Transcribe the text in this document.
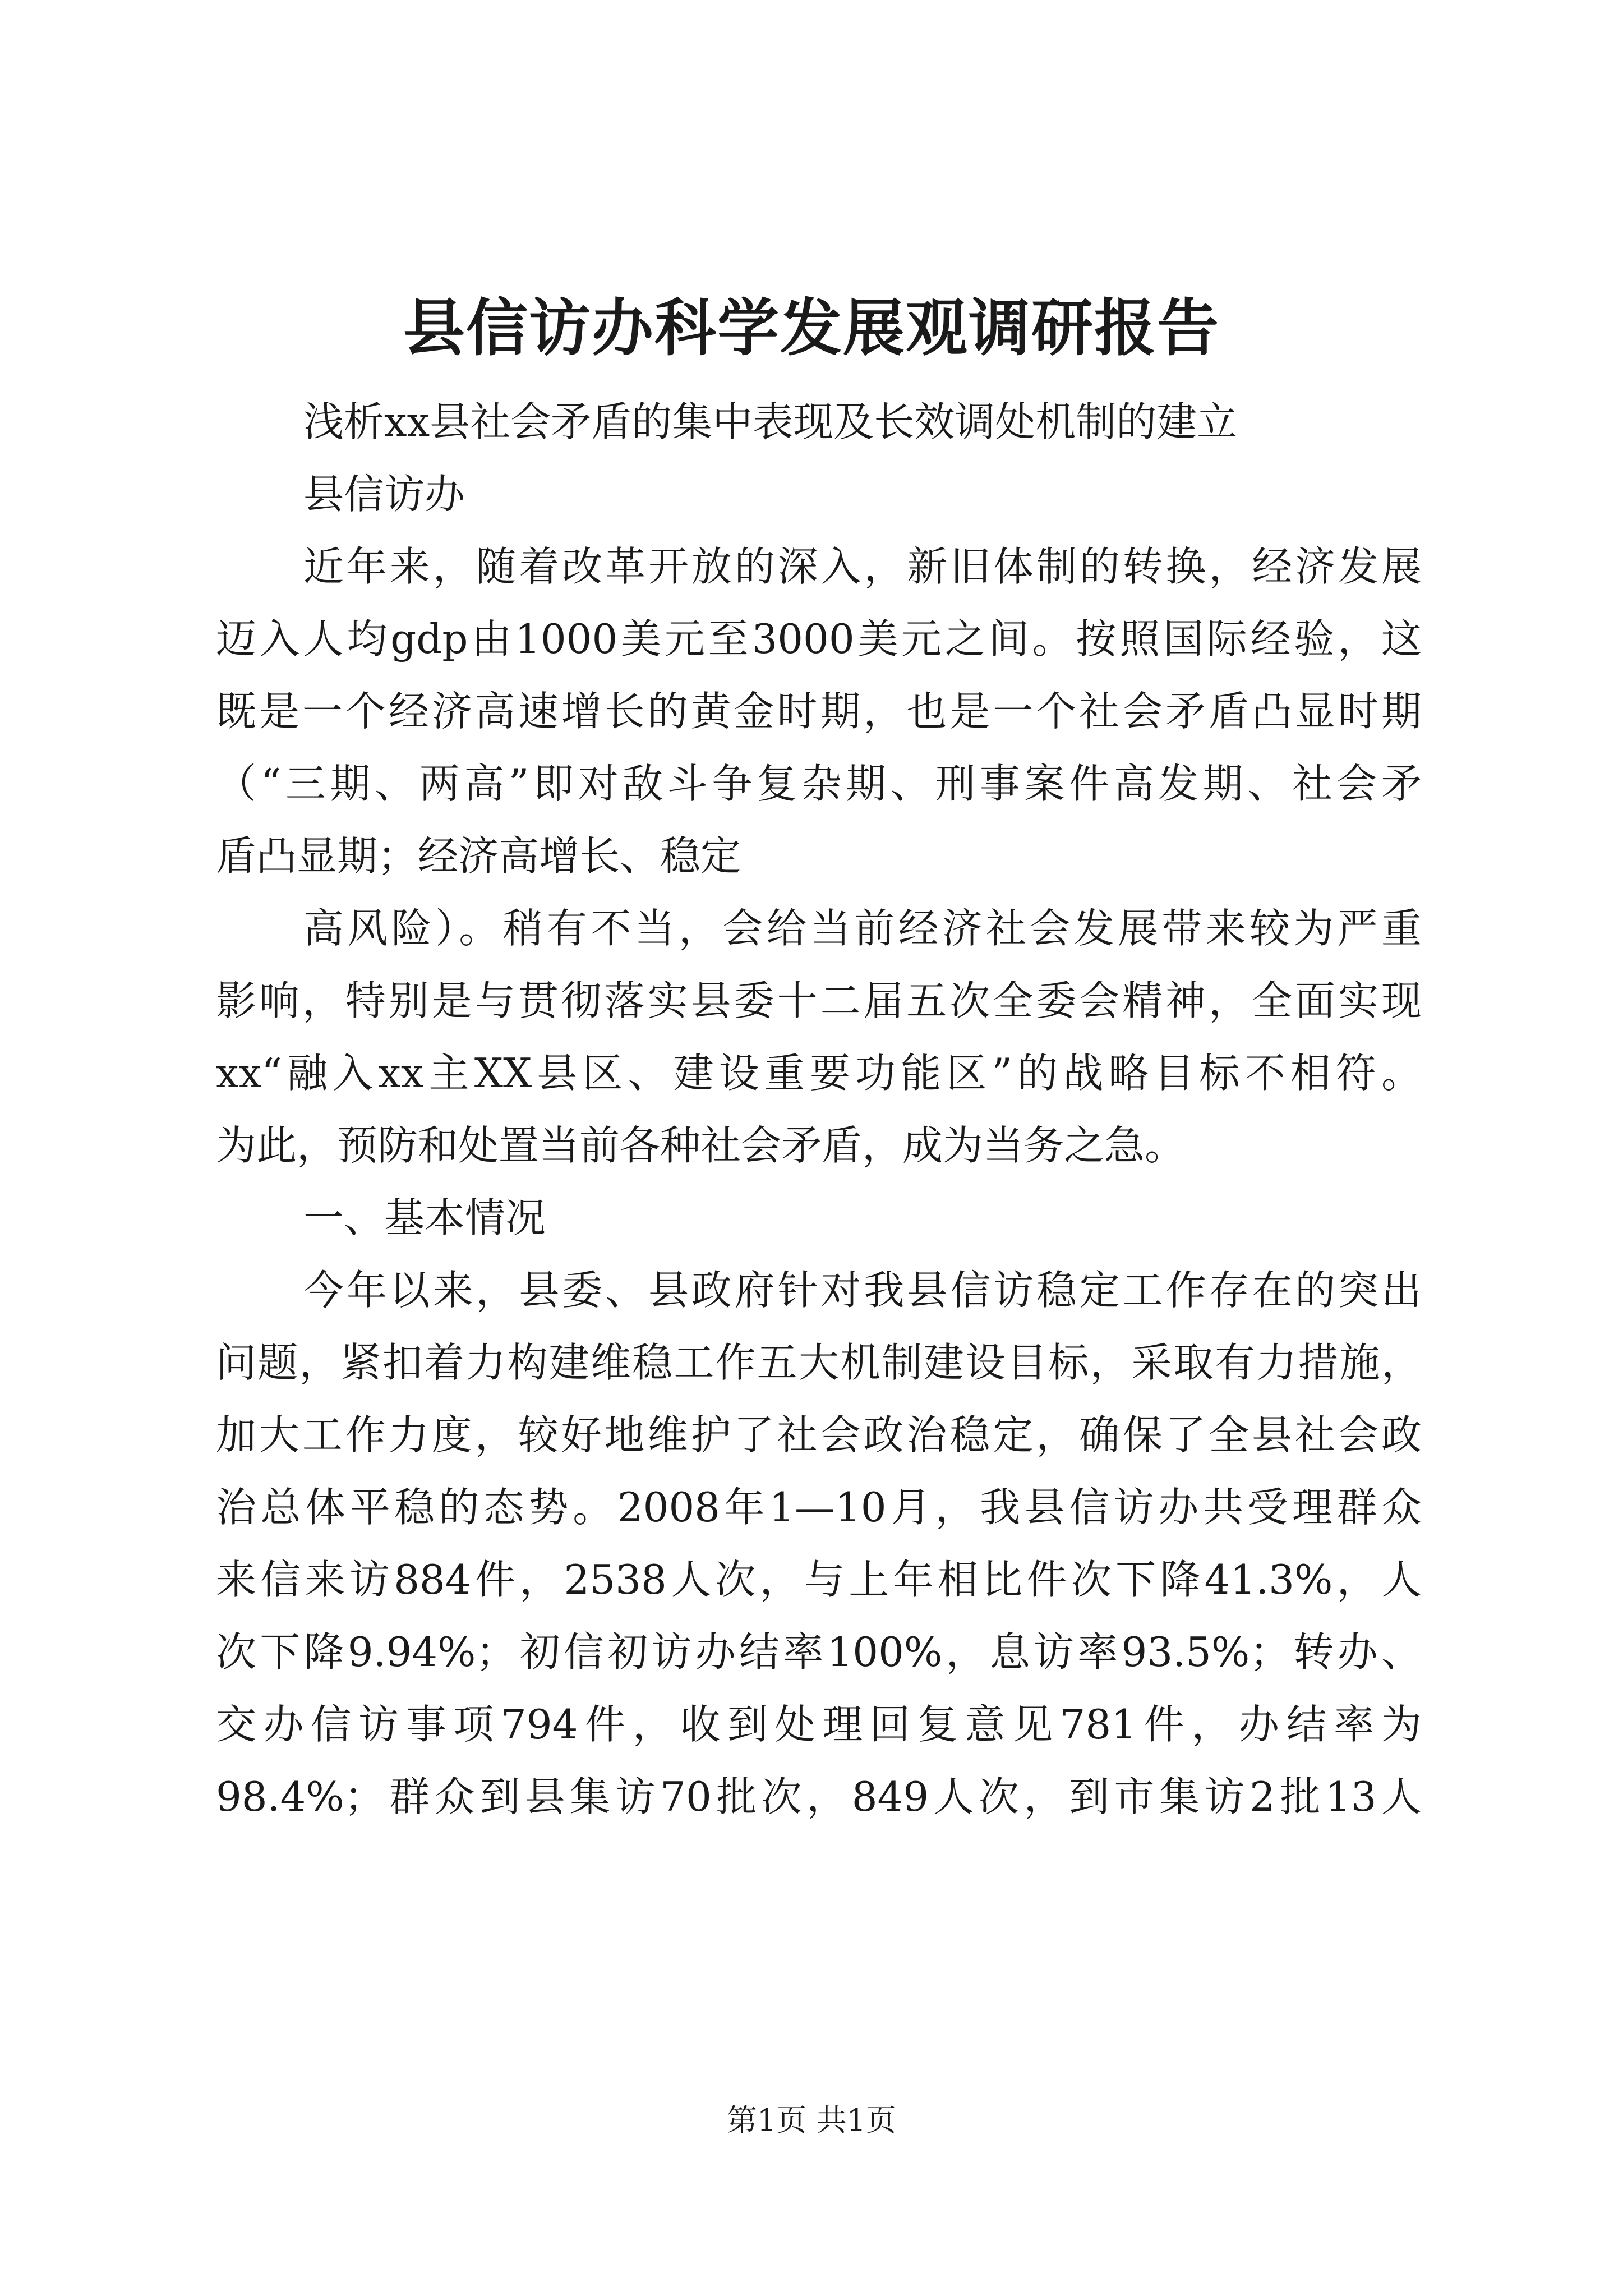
县信访办科学发展观调研报告
浅析xx县社会矛盾的集中表现及长效调处机制的建立
县信访办
近年来，随着改革开放的深入，新旧体制的转换，经济发展
迈入人均gdp由1000美元至3000美元之间。按照国际经验，这
既是一个经济高速增长的黄金时期，也是一个社会矛盾凸显时期
（“三期、两高”即对敌斗争复杂期、刑事案件高发期、社会矛
盾凸显期；经济高增长、稳定
高风险）。稍有不当，会给当前经济社会发展带来较为严重
影响，特别是与贯彻落实县委十二届五次全委会精神，全面实现
xx“融入xx主XX县区、建设重要功能区”的战略目标不相符。
为此，预防和处置当前各种社会矛盾，成为当务之急。
一、基本情况
今年以来，县委、县政府针对我县信访稳定工作存在的突出
问题，紧扣着力构建维稳工作五大机制建设目标，采取有力措施，
加大工作力度，较好地维护了社会政治稳定，确保了全县社会政
治总体平稳的态势。2008年1—10月，我县信访办共受理群众
来信来访884件，2538人次，与上年相比件次下降41.3%，人
次下降9.94%；初信初访办结率100%，息访率93.5%；转办、
交办信访事项794件，收到处理回复意见781件，办结率为
98.4%；群众到县集访70批次，849人次，到市集访2批13人
第1页 共1页
